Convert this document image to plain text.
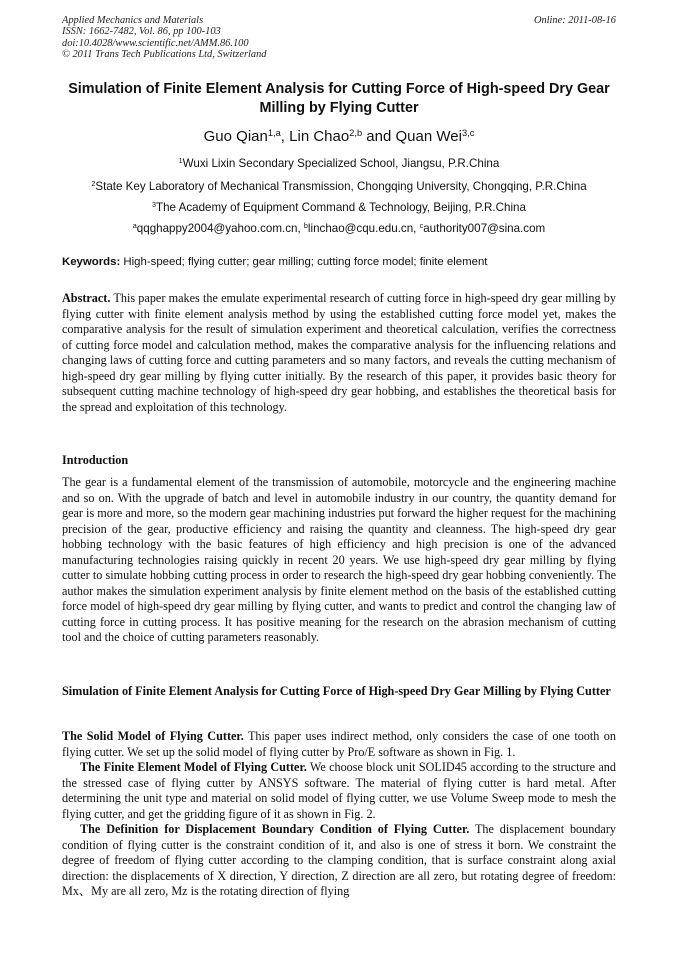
Applied Mechanics and Materials
ISSN: 1662-7482, Vol. 86, pp 100-103
doi:10.4028/www.scientific.net/AMM.86.100
© 2011 Trans Tech Publications Ltd, Switzerland
Online: 2011-08-16
Simulation of Finite Element Analysis for Cutting Force of High-speed Dry Gear Milling by Flying Cutter
Guo Qian$^{1,a}$, Lin Chao$^{2,b}$ and Quan Wei$^{3,c}$
$^1$Wuxi Lixin Secondary Specialized School, Jiangsu, P.R.China
$^2$State Key Laboratory of Mechanical Transmission, Chongqing University, Chongqing, P.R.China
$^3$The Academy of Equipment Command & Technology, Beijing, P.R.China
$^a$qqghappy2004@yahoo.com.cn, $^b$linchao@cqu.edu.cn, $^c$authority007@sina.com
Keywords: High-speed; flying cutter; gear milling; cutting force model; finite element
Abstract. This paper makes the emulate experimental research of cutting force in high-speed dry gear milling by flying cutter with finite element analysis method by using the established cutting force model yet, makes the comparative analysis for the result of simulation experiment and theoretical calculation, verifies the correctness of cutting force model and calculation method, makes the comparative analysis for the influencing relations and changing laws of cutting force and cutting parameters and so many factors, and reveals the cutting mechanism of high-speed dry gear milling by flying cutter initially. By the research of this paper, it provides basic theory for subsequent cutting machine technology of high-speed dry gear hobbing, and establishes the theoretical basis for the spread and exploitation of this technology.
Introduction
The gear is a fundamental element of the transmission of automobile, motorcycle and the engineering machine and so on. With the upgrade of batch and level in automobile industry in our country, the quantity demand for gear is more and more, so the modern gear machining industries put forward the higher request for the machining precision of the gear, productive efficiency and raising the quantity and cleanness. The high-speed dry gear hobbing technology with the basic features of high efficiency and high precision is one of the advanced manufacturing technologies raising quickly in recent 20 years. We use high-speed dry gear milling by flying cutter to simulate hobbing cutting process in order to research the high-speed dry gear hobbing conveniently. The author makes the simulation experiment analysis by finite element method on the basis of the established cutting force model of high-speed dry gear milling by flying cutter, and wants to predict and control the changing law of cutting force in cutting process. It has positive meaning for the research on the abrasion mechanism of cutting tool and the choice of cutting parameters reasonably.
Simulation of Finite Element Analysis for Cutting Force of High-speed Dry Gear Milling by Flying Cutter

The Solid Model of Flying Cutter. This paper uses indirect method, only considers the case of one tooth on flying cutter. We set up the solid model of flying cutter by Pro/E software as shown in Fig. 1.

The Finite Element Model of Flying Cutter. We choose block unit SOLID45 according to the structure and the stressed case of flying cutter by ANSYS software. The material of flying cutter is hard metal. After determining the unit type and material on solid model of flying cutter, we use Volume Sweep mode to mesh the flying cutter, and get the gridding figure of it as shown in Fig. 2.

The Definition for Displacement Boundary Condition of Flying Cutter. The displacement boundary condition of flying cutter is the constraint condition of it, and also is one of stress it born. We constraint the degree of freedom of flying cutter according to the clamping condition, that is surface constraint along axial direction: the displacements of X direction, Y direction, Z direction are all zero, but rotating degree of freedom: Mx、My are all zero, Mz is the rotating direction of flying
